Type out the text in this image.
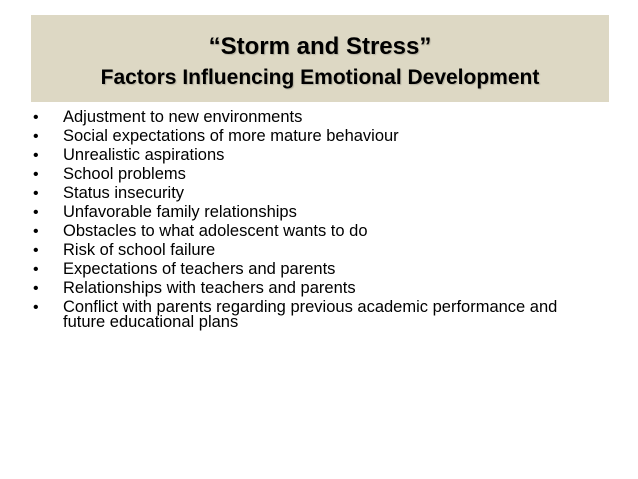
“Storm and Stress”
Factors Influencing Emotional Development
•	Adjustment to new environments
•	Social expectations of more mature behaviour
•	Unrealistic aspirations
•	School problems
•	Status insecurity
•	Unfavorable family relationships
•	Obstacles to what adolescent wants to do
•	Risk of school failure
•	Expectations of teachers and parents
•	Relationships with teachers and parents
•	Conflict with parents regarding previous academic performance and future educational plans
